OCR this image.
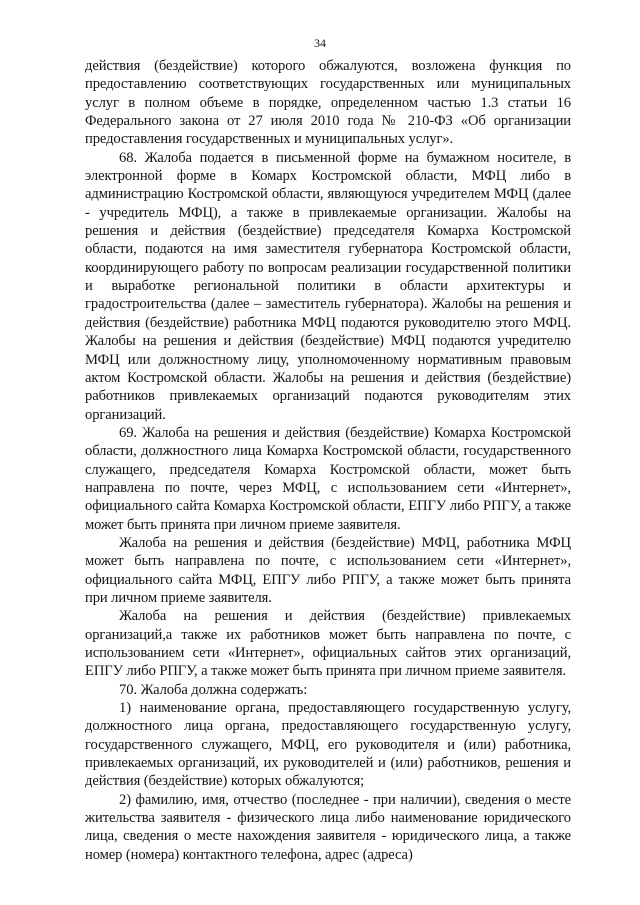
34

действия (бездействие) которого обжалуются, возложена функция по предоставлению соответствующих государственных или муниципальных услуг в полном объеме в порядке, определенном частью 1.3 статьи 16 Федерального закона от 27 июля 2010 года № 210-ФЗ «Об организации предоставления государственных и муниципальных услуг».

68. Жалоба подается в письменной форме на бумажном носителе, в электронной форме в Комарх Костромской области, МФЦ либо в администрацию Костромской области, являющуюся учредителем МФЦ (далее - учредитель МФЦ), а также в привлекаемые организации. Жалобы на решения и действия (бездействие) председателя Комарха Костромской области, подаются на имя заместителя губернатора Костромской области, координирующего работу по вопросам реализации государственной политики и выработке региональной политики в области архитектуры и градостроительства (далее – заместитель губернатора). Жалобы на решения и действия (бездействие) работника МФЦ подаются руководителю этого МФЦ. Жалобы на решения и действия (бездействие) МФЦ подаются учредителю МФЦ или должностному лицу, уполномоченному нормативным правовым актом Костромской области. Жалобы на решения и действия (бездействие) работников привлекаемых организаций подаются руководителям этих организаций.

69. Жалоба на решения и действия (бездействие) Комарха Костромской области, должностного лица Комарха Костромской области, государственного служащего, председателя Комарха Костромской области, может быть направлена по почте, через МФЦ, с использованием сети «Интернет», официального сайта Комарха Костромской области, ЕПГУ либо РПГУ, а также может быть принята при личном приеме заявителя.

Жалоба на решения и действия (бездействие) МФЦ, работника МФЦ может быть направлена по почте, с использованием сети «Интернет», официального сайта МФЦ, ЕПГУ либо РПГУ, а также может быть принята при личном приеме заявителя.

Жалоба на решения и действия (бездействие) привлекаемых организаций,а также их работников может быть направлена по почте, с использованием сети «Интернет», официальных сайтов этих организаций, ЕПГУ либо РПГУ, а также может быть принята при личном приеме заявителя.

70. Жалоба должна содержать:

1) наименование органа, предоставляющего государственную услугу, должностного лица органа, предоставляющего государственную услугу, государственного служащего, МФЦ, его руководителя и (или) работника, привлекаемых организаций, их руководителей и (или) работников, решения и действия (бездействие) которых обжалуются;

2) фамилию, имя, отчество (последнее - при наличии), сведения о месте жительства заявителя - физического лица либо наименование юридического лица, сведения о месте нахождения заявителя - юридического лица, а также номер (номера) контактного телефона, адрес (адреса)
